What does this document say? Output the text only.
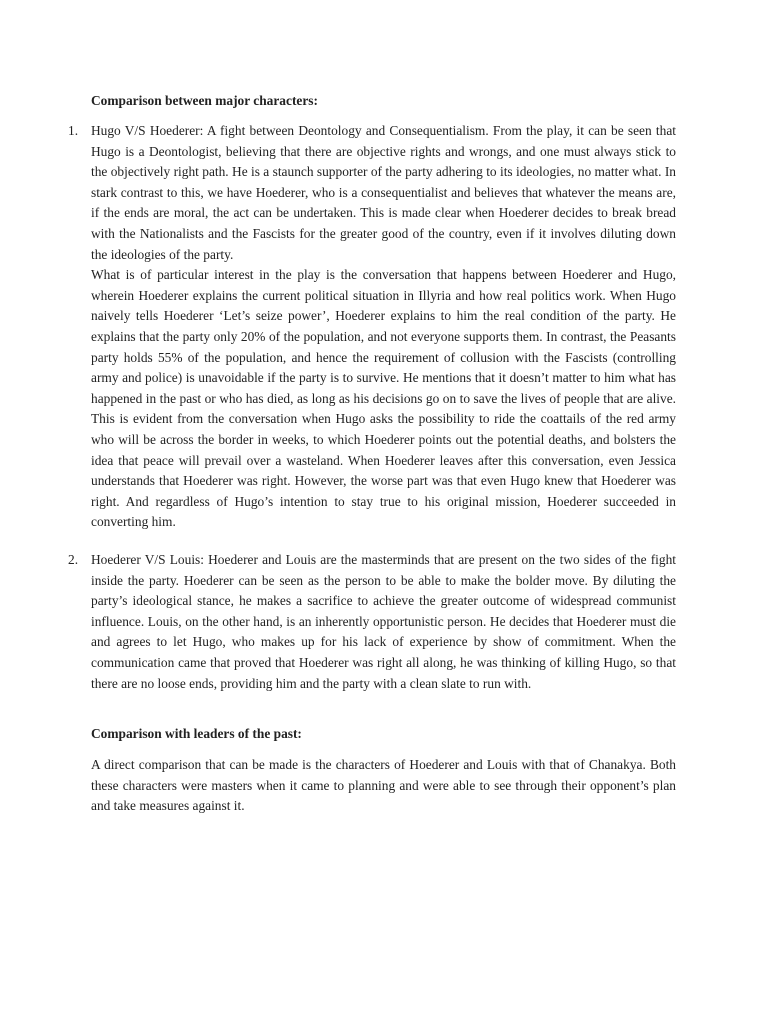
Comparison between major characters:
1. Hugo V/S Hoederer: A fight between Deontology and Consequentialism. From the play, it can be seen that Hugo is a Deontologist, believing that there are objective rights and wrongs, and one must always stick to the objectively right path. He is a staunch supporter of the party adhering to its ideologies, no matter what. In stark contrast to this, we have Hoederer, who is a consequentialist and believes that whatever the means are, if the ends are moral, the act can be undertaken. This is made clear when Hoederer decides to break bread with the Nationalists and the Fascists for the greater good of the country, even if it involves diluting down the ideologies of the party.

What is of particular interest in the play is the conversation that happens between Hoederer and Hugo, wherein Hoederer explains the current political situation in Illyria and how real politics work. When Hugo naively tells Hoederer ‘Let’s seize power’, Hoederer explains to him the real condition of the party. He explains that the party only 20% of the population, and not everyone supports them. In contrast, the Peasants party holds 55% of the population, and hence the requirement of collusion with the Fascists (controlling army and police) is unavoidable if the party is to survive. He mentions that it doesn’t matter to him what has happened in the past or who has died, as long as his decisions go on to save the lives of people that are alive. This is evident from the conversation when Hugo asks the possibility to ride the coattails of the red army who will be across the border in weeks, to which Hoederer points out the potential deaths, and bolsters the idea that peace will prevail over a wasteland. When Hoederer leaves after this conversation, even Jessica understands that Hoederer was right. However, the worse part was that even Hugo knew that Hoederer was right. And regardless of Hugo’s intention to stay true to his original mission, Hoederer succeeded in converting him.

2. Hoederer V/S Louis: Hoederer and Louis are the masterminds that are present on the two sides of the fight inside the party. Hoederer can be seen as the person to be able to make the bolder move. By diluting the party’s ideological stance, he makes a sacrifice to achieve the greater outcome of widespread communist influence. Louis, on the other hand, is an inherently opportunistic person. He decides that Hoederer must die and agrees to let Hugo, who makes up for his lack of experience by show of commitment. When the communication came that proved that Hoederer was right all along, he was thinking of killing Hugo, so that there are no loose ends, providing him and the party with a clean slate to run with.

Comparison with leaders of the past:

A direct comparison that can be made is the characters of Hoederer and Louis with that of Chanakya. Both these characters were masters when it came to planning and were able to see through their opponent’s plan and take measures against it.
